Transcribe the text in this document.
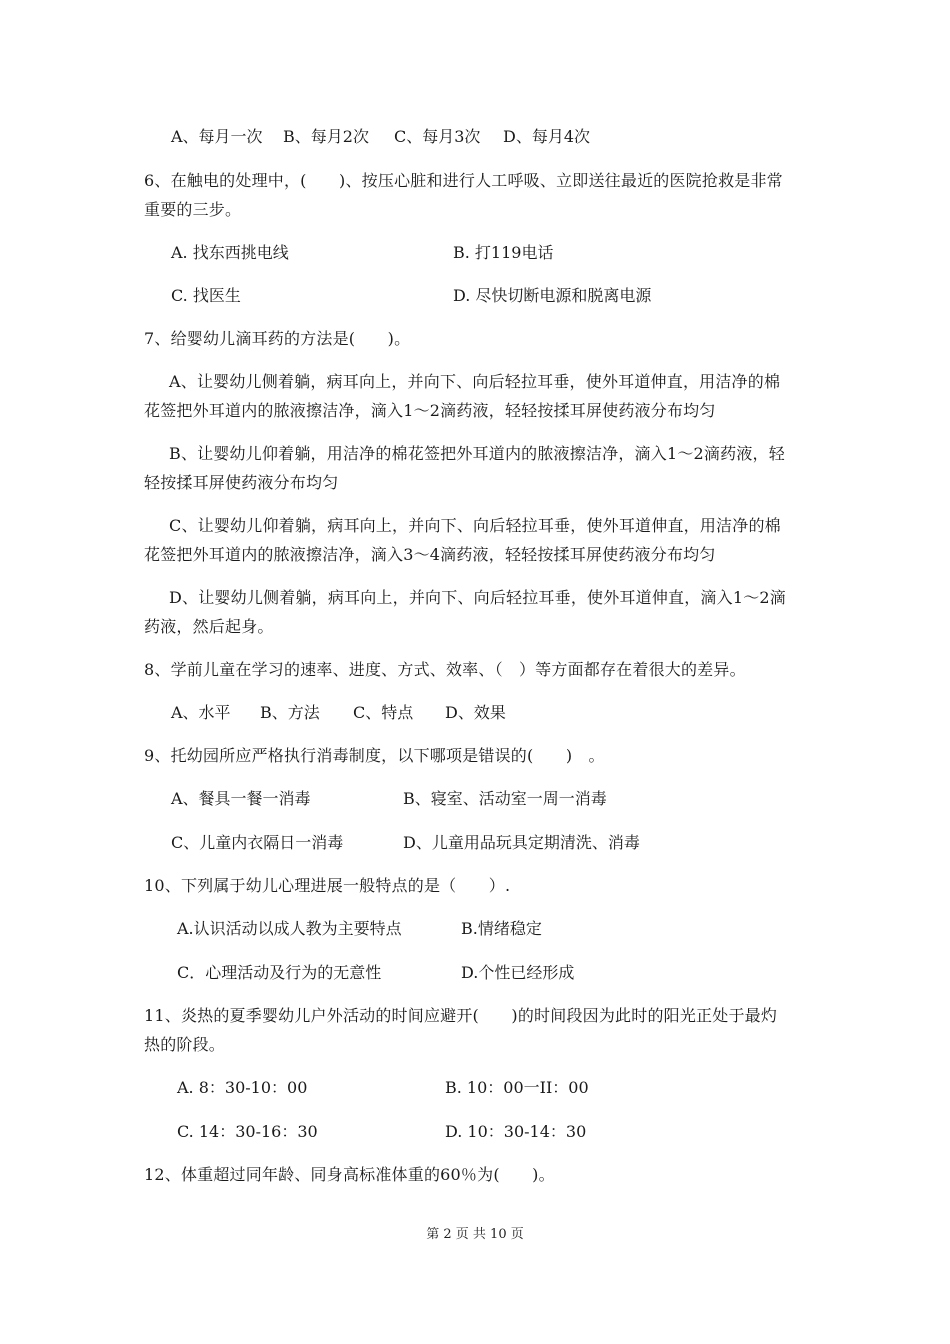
A、每月一次 B、每月2次 C、每月3次 D、每月4次
6、在触电的处理中，(　　)、按压心脏和进行人工呼吸、立即送往最近的医院抢救是非常
重要的三步。
A. 找东西挑电线	B. 打119电话
C. 找医生	D. 尽快切断电源和脱离电源
7、给婴幼儿滴耳药的方法是(　　)。
A、让婴幼儿侧着躺，病耳向上，并向下、向后轻拉耳垂，使外耳道伸直，用洁净的棉
花签把外耳道内的脓液擦洁净，滴入1～2滴药液，轻轻按揉耳屏使药液分布均匀
B、让婴幼儿仰着躺，用洁净的棉花签把外耳道内的脓液擦洁净，滴入1～2滴药液，轻
轻按揉耳屏使药液分布均匀
C、让婴幼儿仰着躺，病耳向上，并向下、向后轻拉耳垂，使外耳道伸直，用洁净的棉
花签把外耳道内的脓液擦洁净，滴入3～4滴药液，轻轻按揉耳屏使药液分布均匀
D、让婴幼儿侧着躺，病耳向上，并向下、向后轻拉耳垂，使外耳道伸直，滴入1～2滴
药液，然后起身。
8、学前儿童在学习的速率、进度、方式、效率、（　）等方面都存在着很大的差异。
A、水平 B、方法 C、特点 D、效果
9、托幼园所应严格执行消毒制度，以下哪项是错误的(　　)　。
A、餐具一餐一消毒	B、寝室、活动室一周一消毒
C、儿童内衣隔日一消毒	D、儿童用品玩具定期清洗、消毒
10、下列属于幼儿心理进展一般特点的是（　　）.
A.认识活动以成人教为主要特点	B.情绪稳定
C．心理活动及行为的无意性	D.个性已经形成
11、炎热的夏季婴幼儿户外活动的时间应避开(　　)的时间段因为此时的阳光正处于最灼
热的阶段。
A. 8：30-10：00	B. 10：00一II：00
C. 14：30-16：30	D. 10：30-14：30
12、体重超过同年龄、同身高标准体重的60％为(　　)。
第 2 页 共 10 页
